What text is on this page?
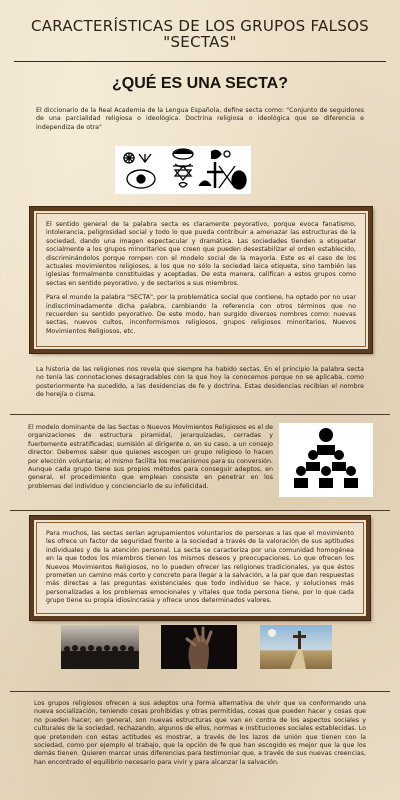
CARACTERÍSTICAS DE LOS GRUPOS FALSOS
"SECTAS"
¿QUÉ ES UNA SECTA?
El diccionario de la Real Academia de la Lengua Española, define secta como: "Conjunto de seguidores de una parcialidad religiosa o ideológica. Doctrina religiosa o ideológica que se diferencia e independiza de otra"

El sentido general de la palabra secta es claramente peyorativo, porque evoca fanatismo, intolerancia, peligrosidad social y todo lo que pueda contribuir a amenazar las estructuras de la sociedad, dando una imagen espectacular y dramática. Las sociedades tienden a etiquetar socialmente a los grupos minoritarios que creen que pueden desestabilizar el orden establecido, discriminándolos porque rompen con el modelo social de la mayoría. Este es el caso de los actuales movimientos religiosos, a los que no sólo la sociedad laica etiqueta, sino también las iglesias formalmente constituidas y aceptadas. De esta manera, califican a estos grupos como sectas en sentido peyorativo, y de sectarios a sus miembros.

Para el mundo la palabra "SECTA", por la problemática social que contiene, ha optado por no usar indiscriminadamente dicha palabra, cambiando la referencia con otros términos que no recuerden su sentido peyorativo. De este modo, han surgido diversos nombres como: nuevas sectas, nuevos cultos, inconformismos religiosos, grupos religiosos minoritarios, Nuevos Movimientos Religiosos, etc.

La historia de las religiones nos revela que siempre ha habido sectas. En el principio la palabra secta no tenía las connotaciones desagradables con la que hoy la conocemos porque no se aplicaba, como posteriormente ha sucedido, a las desidencias de fe y doctrina. Estas desidencias recibían el nombre de herejía o cisma.
El modelo dominante de las Sectas o Nuevos Movimientos Religiosos es el de organizaciones de estructura piramidal, jerarquizadas, cerradas y fuertemente estratificadas; sumisión al dirigente o, en su caso, a un consejo director. Debemos saber que quienes escogen un grupo religioso lo hacen por elección voluntaria; el mismo facilita los mecanismos para su conversión. Aunque cada grupo tiene sus propios métodos para conseguir adeptos, en general, el procedimiento que emplean consiste en penetrar en los problemas del individuo y concienciarlo de su infelicidad.

Para muchos, las sectas serían agrupamientos voluntarios de personas a las que el movimiento les ofrece un factor de seguridad frente a la sociedad a través de la valoración de sus aptitudes individuales y de la atención personal. La secta se caracteriza por una comunidad homogénea en la que todos los miembros tienen los mismos deseos y preocupaciones. Lo que ofrecen los Nuevos Movimientos Religiosos, no lo pueden ofrecer las religiones tradicionales, ya que éstos prometen un camino más corto y concreto para llegar a la salvación, a la par que dan respuestas más directas a las preguntas existenciales que todo individuo se hace, y soluciones más personalizadas a los problemas emocionales y vitales que toda persona tiene, por lo que cada grupo tiene su propia idiosincrasia y ofrece unos determinados valores.

Los grupos religiosos ofrecen a sus adeptos una forma alternativa de vivir que va conformando una nueva socialización, teniendo cosas prohibidas y otras permitidas, cosas que pueden hacer y cosas que no pueden hacer; en general, son nuevas estructuras que van en contra de los aspectos sociales y culturales de la sociedad, rechazando, algunos de ellos, normas e instituciones sociales establecidas. Lo que pretenden con estas actitudes es mostrar, a través de los lazos de unión que tienen con la sociedad, como por ejemplo el trabajo, que la opción de fe que han escogido es mejor que la que los demás tienen. Quieren marcar unas diferencias para testimoniar que, a través de sus nuevas creencias, han encontrado el equilibrio necesario para vivir y para alcanzar la salvación.
